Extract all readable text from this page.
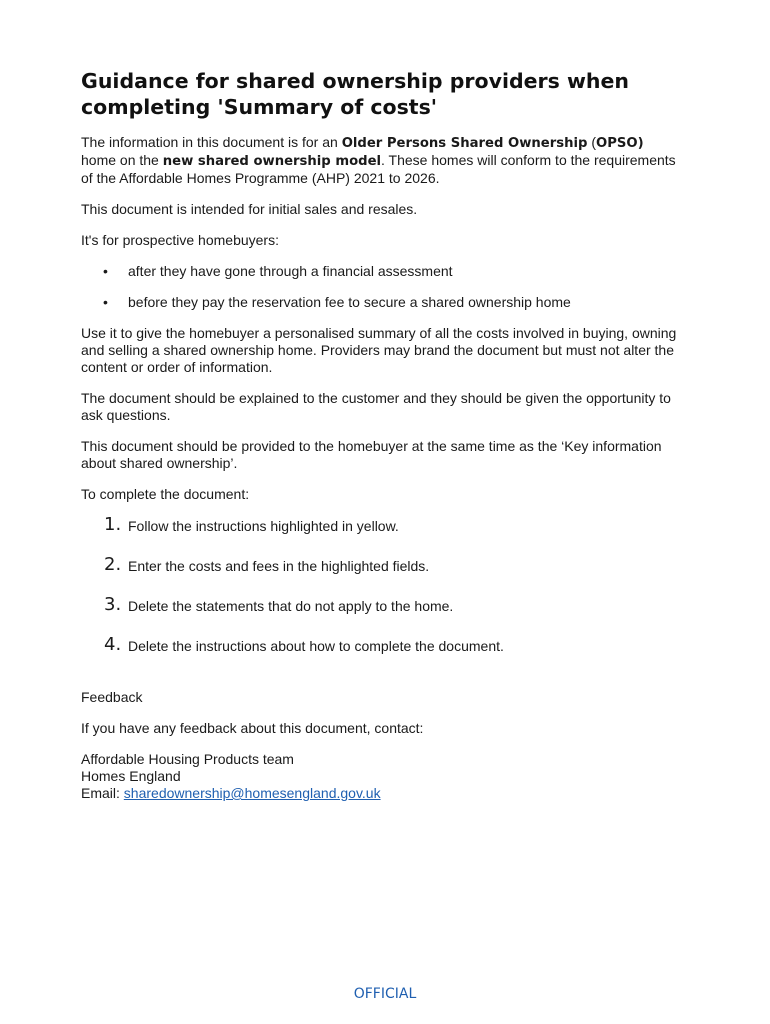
Guidance for shared ownership providers when completing 'Summary of costs'

The information in this document is for an Older Persons Shared Ownership (OPSO) home on the new shared ownership model. These homes will conform to the requirements of the Affordable Homes Programme (AHP) 2021 to 2026.

This document is intended for initial sales and resales.

It's for prospective homebuyers:

• after they have gone through a financial assessment
• before they pay the reservation fee to secure a shared ownership home

Use it to give the homebuyer a personalised summary of all the costs involved in buying, owning and selling a shared ownership home. Providers may brand the document but must not alter the content or order of information.

The document should be explained to the customer and they should be given the opportunity to ask questions.

This document should be provided to the homebuyer at the same time as the ‘Key information about shared ownership’.

To complete the document:

1. Follow the instructions highlighted in yellow.
2. Enter the costs and fees in the highlighted fields.
3. Delete the statements that do not apply to the home.
4. Delete the instructions about how to complete the document.

Feedback

If you have any feedback about this document, contact:

Affordable Housing Products team

Homes England

Email: sharedownership@homesengland.gov.uk

OFFICIAL
